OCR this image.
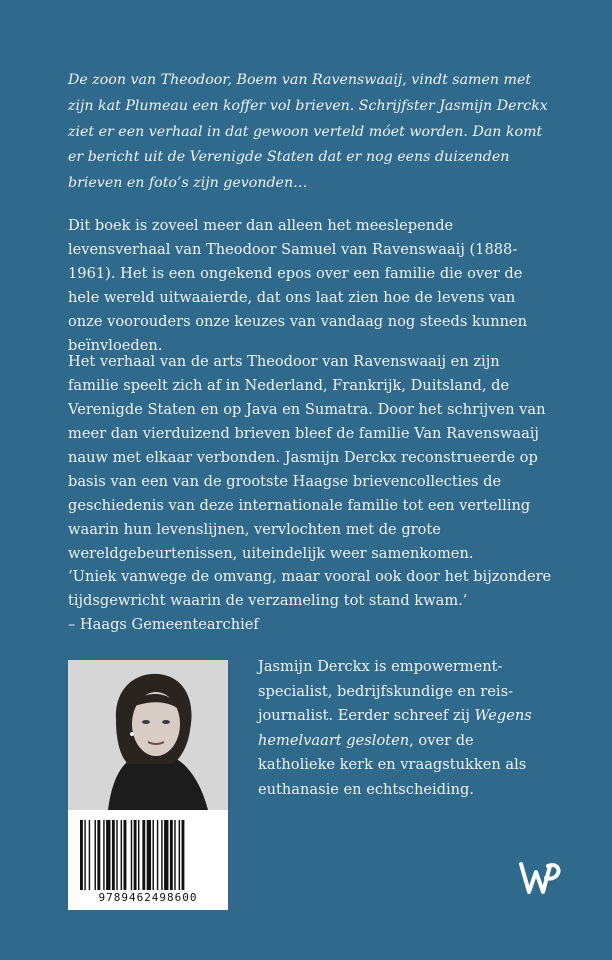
De zoon van Theodoor, Boem van Ravenswaaij, vindt samen met zijn kat Plumeau een koffer vol brieven. Schrijfster Jasmijn Derckx ziet er een verhaal in dat gewoon verteld móet worden. Dan komt er bericht uit de Verenigde Staten dat er nog eens duizenden brieven en foto’s zijn gevonden…

Dit boek is zoveel meer dan alleen het meeslepende levensverhaal van Theodoor Samuel van Ravenswaaij (1888-1961). Het is een ongekend epos over een familie die over de hele wereld uitwaaierde, dat ons laat zien hoe de levens van onze voorouders onze keuzes van vandaag nog steeds kunnen beïnvloeden.

Het verhaal van de arts Theodoor van Ravenswaaij en zijn familie speelt zich af in Nederland, Frankrijk, Duitsland, de Verenigde Staten en op Java en Sumatra. Door het schrijven van meer dan vierduizend brieven bleef de familie Van Ravenswaaij nauw met elkaar verbonden. Jasmijn Derckx reconstrueerde op basis van een van de grootste Haagse brievencollecties de geschiedenis van deze internationale familie tot een vertelling waarin hun levenslijnen, vervlochten met de grote wereldgebeurtenissen, uiteindelijk weer samenkomen.

‘Uniek vanwege de omvang, maar vooral ook door het bijzondere tijdsgewricht waarin de verzameling tot stand kwam.’
– Haags Gemeentearchief
9789462498600

Jasmijn Derckx is empowerment-specialist, bedrijfskundige en reis-journalist. Eerder schreef zij Wegens hemelvaart gesloten, over de katholieke kerk en vraagstukken als euthanasie en echtscheiding.
